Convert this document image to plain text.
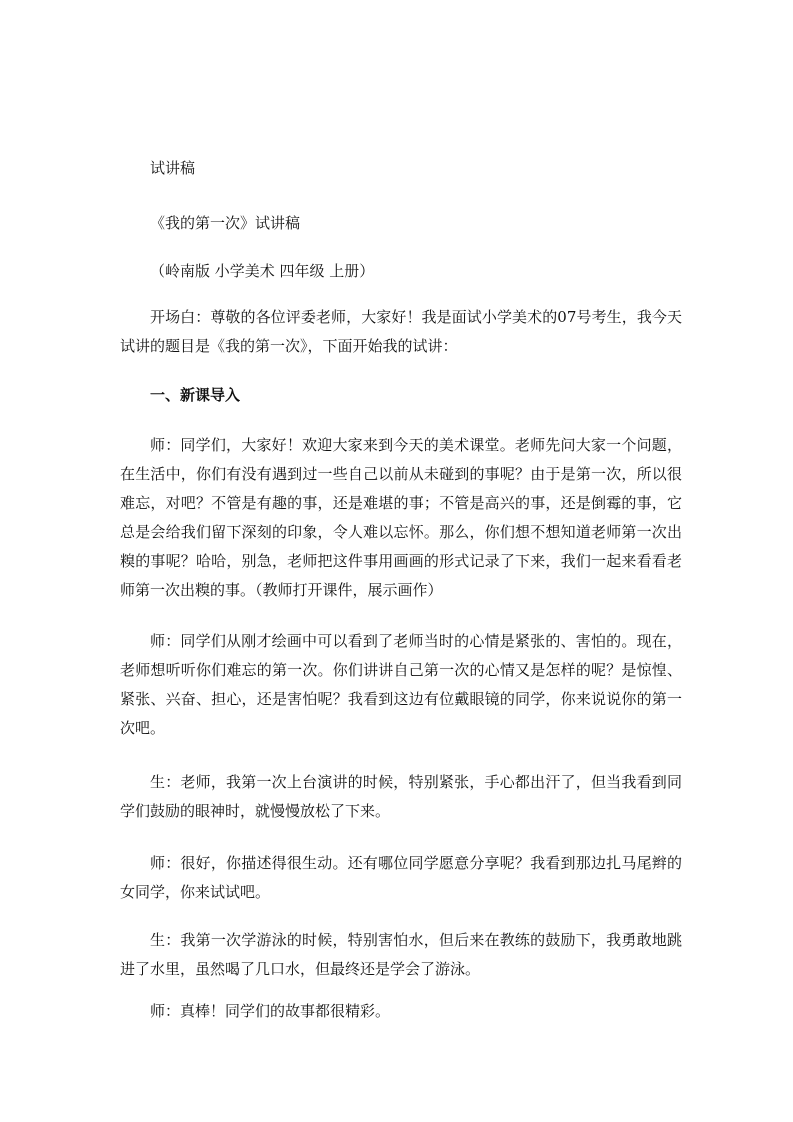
试讲稿
《我的第一次》试讲稿
（岭南版 小学美术 四年级 上册）
开场白：尊敬的各位评委老师，大家好！我是面试小学美术的07号考生，我今天试讲的题目是《我的第一次》，下面开始我的试讲：
一、新课导入
师：同学们，大家好！欢迎大家来到今天的美术课堂。老师先问大家一个问题，在生活中，你们有没有遇到过一些自己以前从未碰到的事呢？由于是第一次，所以很难忘，对吧？不管是有趣的事，还是难堪的事；不管是高兴的事，还是倒霉的事，它总是会给我们留下深刻的印象，令人难以忘怀。那么，你们想不想知道老师第一次出糗的事呢？哈哈，别急，老师把这件事用画画的形式记录了下来，我们一起来看看老师第一次出糗的事。（教师打开课件，展示画作）
师：同学们从刚才绘画中可以看到了老师当时的心情是紧张的、害怕的。现在，老师想听听你们难忘的第一次。你们讲讲自己第一次的心情又是怎样的呢？是惊惶、紧张、兴奋、担心，还是害怕呢？我看到这边有位戴眼镜的同学，你来说说你的第一次吧。
生：老师，我第一次上台演讲的时候，特别紧张，手心都出汗了，但当我看到同学们鼓励的眼神时，就慢慢放松了下来。
师：很好，你描述得很生动。还有哪位同学愿意分享呢？我看到那边扎马尾辫的女同学，你来试试吧。
生：我第一次学游泳的时候，特别害怕水，但后来在教练的鼓励下，我勇敢地跳进了水里，虽然喝了几口水，但最终还是学会了游泳。
师：真棒！同学们的故事都很精彩。
